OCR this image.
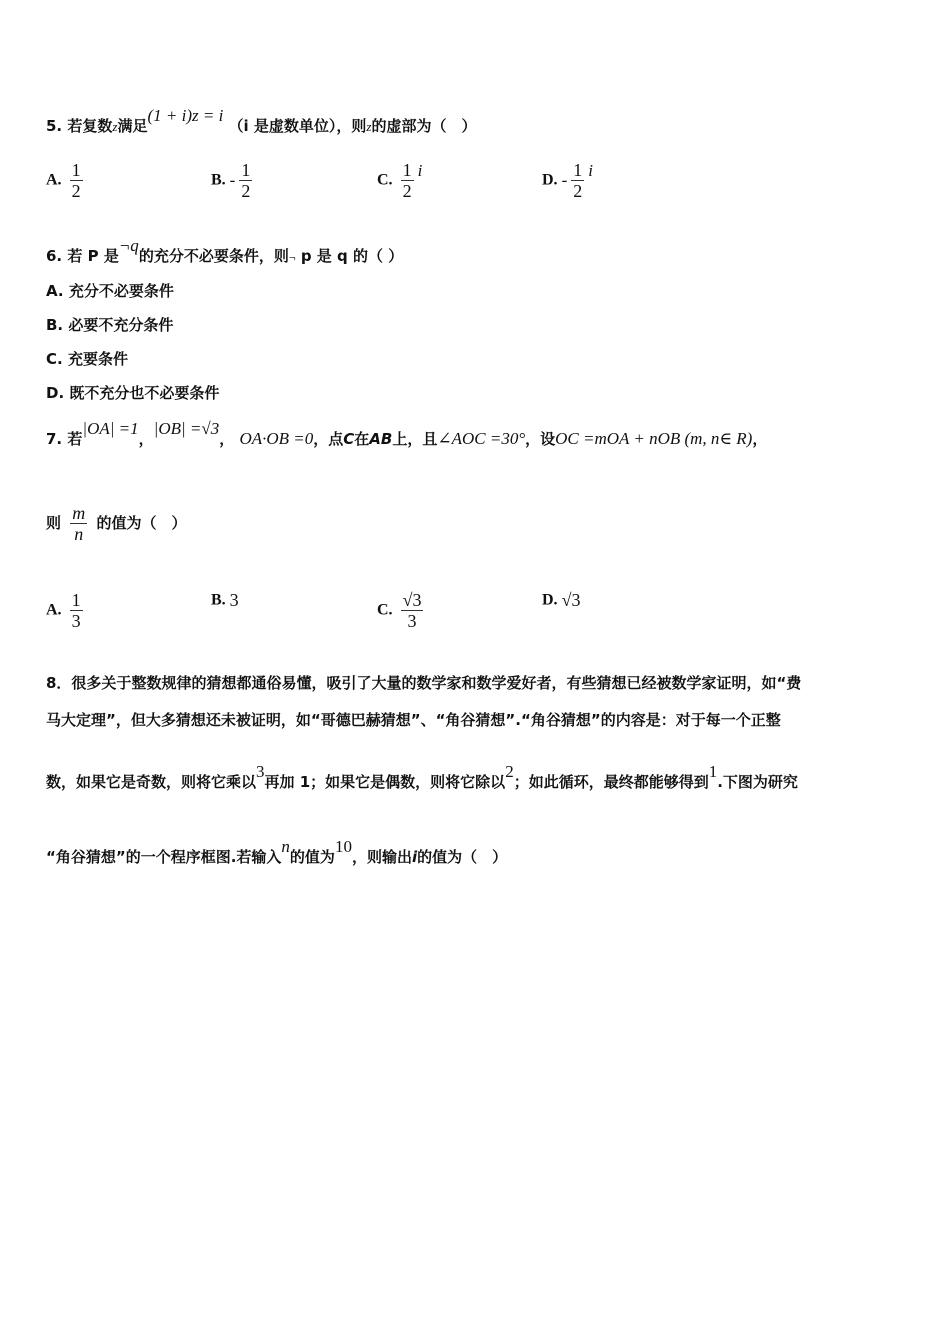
5. 若复数z满足(1 + i)z = i （i 是虚数单位），则z的虚部为（　）
A. $\frac{1}{2}$	B. - $\frac{1}{2}$	C. $\frac{1}{2}$ i	D. - $\frac{1}{2}$ i
6. 若 P 是¬q的充分不必要条件，则¬ p 是 q 的（ ）
A. 充分不必要条件
B. 必要不充分条件
C. 充要条件
D. 既不充分也不必要条件
7. 若|OA| =1，|OB| =√3， OA·OB =0，点C在AB上，且∠AOC =30°，设OC =mOA + nOB (m, n∈ R)，
则 $\frac{m}{n}$ 的值为（　）
A. $\frac{1}{3}$	B. 3	C. $\frac{√3}{3}$	D. √3
8．很多关于整数规律的猜想都通俗易懂，吸引了大量的数学家和数学爱好者，有些猜想已经被数学家证明，如“费
马大定理”，但大多猜想还未被证明，如“哥德巴赫猜想”、“角谷猜想”.“角谷猜想”的内容是：对于每一个正整
数，如果它是奇数，则将它乘以3再加 1；如果它是偶数，则将它除以2；如此循环，最终都能够得到1.下图为研究
“角谷猜想”的一个程序框图.若输入n的值为10，则输出i的值为（　）
